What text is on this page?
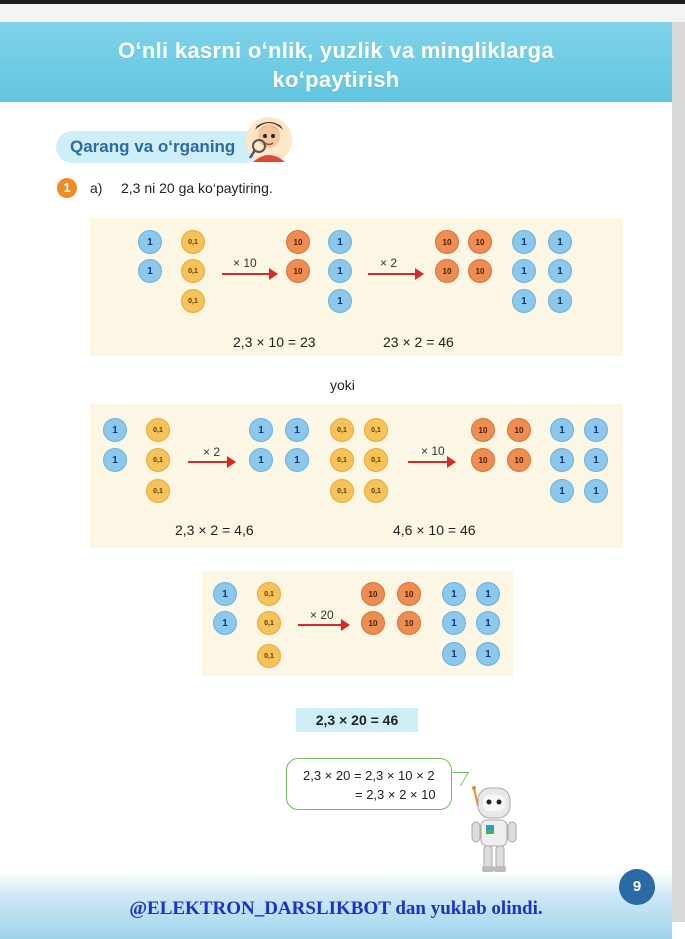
O‘nli kasrni o‘nlik, yuzlik va mingliklarga
ko‘paytirish
Qarang va o‘rganing
1	a) 2,3 ni 20 ga ko‘paytiring.
1
1
0,1
0,1
0,1
× 10
10
10
1
1
1
× 2
10
10
10
10
1
1
1
1
1
1
2,3 × 10 = 23	23 × 2 = 46
yoki
1
1
0,1
0,1
0,1
× 2
1
1
1
1
0,1
0,1
0,1
0,1
0,1
0,1
× 10
10
10
10
10
1
1
1
1
1
1
2,3 × 2 = 4,6	4,6 × 10 = 46
1
1
0,1
0,1
0,1
× 20
10
10
10
10
1
1
1
1
1
1
2,3 × 20 = 46
2,3 × 20 = 2,3 × 10 × 2
= 2,3 × 2 × 10
9
@ELEKTRON_DARSLIKBOT dan yuklab olindi.
